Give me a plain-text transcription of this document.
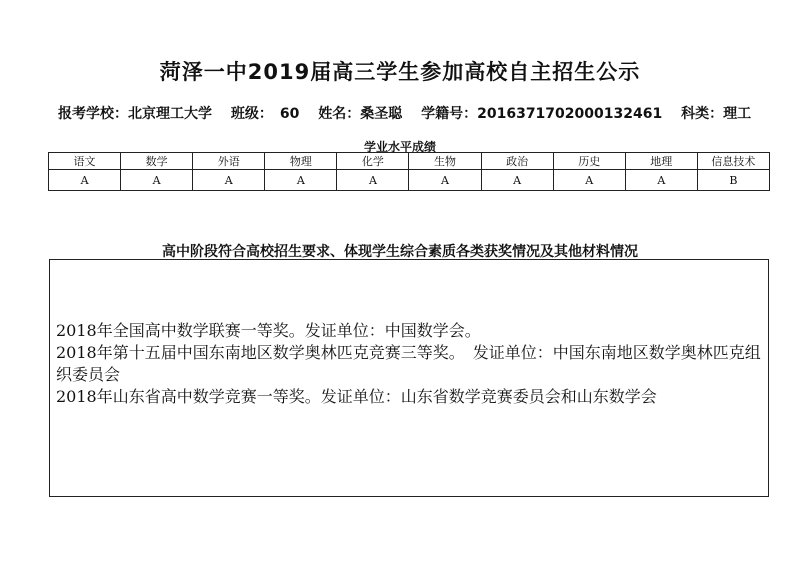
菏泽一中2019届高三学生参加高校自主招生公示
报考学校：北京理工大学 班级：　60 姓名：桑圣聪 学籍号：2016371702000132461 科类：理工
学业水平成绩
语文	数学	外语	物理	化学	生物	政治	历史	地理	信息技术
A	A	A	A	A	A	A	A	A	B
高中阶段符合高校招生要求、体现学生综合素质各类获奖情况及其他材料情况

2018年全国高中数学联赛一等奖。发证单位：中国数学会。

2018年第十五届中国东南地区数学奥林匹克竞赛三等奖。　发证单位：中国东南地区数学奥林匹克组织委员会

2018年山东省高中数学竞赛一等奖。发证单位：山东省数学竞赛委员会和山东数学会
